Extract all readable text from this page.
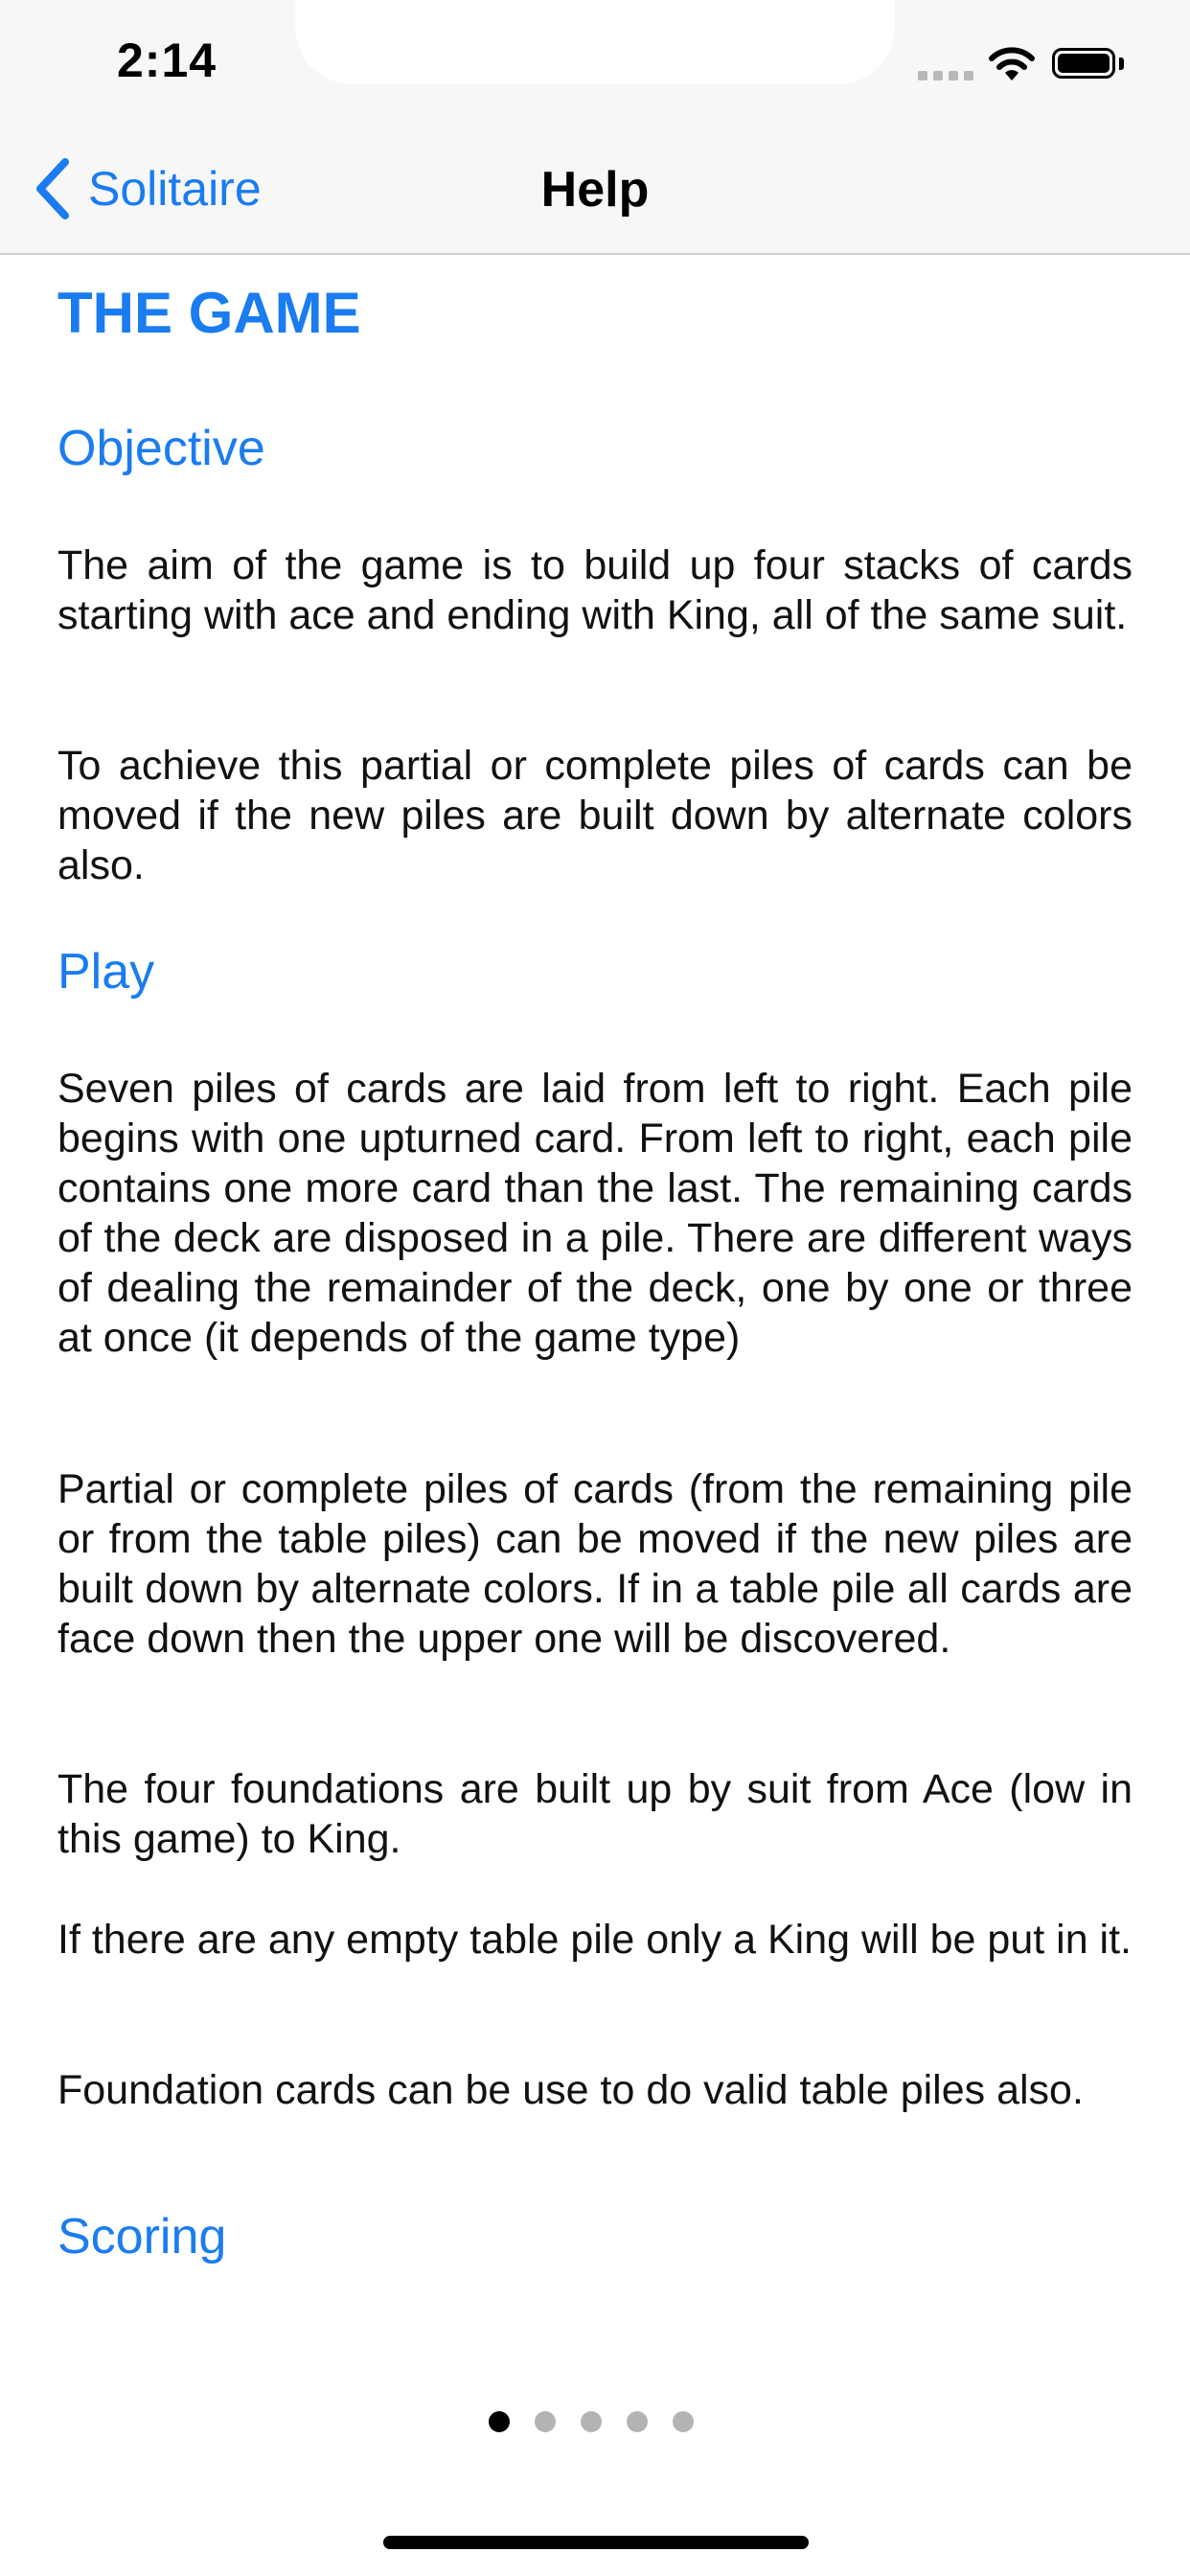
2:14
Solitaire	Help
THE GAME
Objective

The aim of the game is to build up four stacks of cards starting with ace and ending with King, all of the same suit.

To achieve this partial or complete piles of cards can be moved if the new piles are built down by alternate colors also.

Play

Seven piles of cards are laid from left to right. Each pile begins with one upturned card. From left to right, each pile contains one more card than the last. The remaining cards of the deck are disposed in a pile. There are different ways of dealing the remainder of the deck, one by one or three at once (it depends of the game type)

Partial or complete piles of cards (from the remaining pile or from the table piles) can be moved if the new piles are built down by alternate colors. If in a table pile all cards are face down then the upper one will be discovered.

The four foundations are built up by suit from Ace (low in this game) to King.

If there are any empty table pile only a King will be put in it.

Foundation cards can be use to do valid table piles also.

Scoring
